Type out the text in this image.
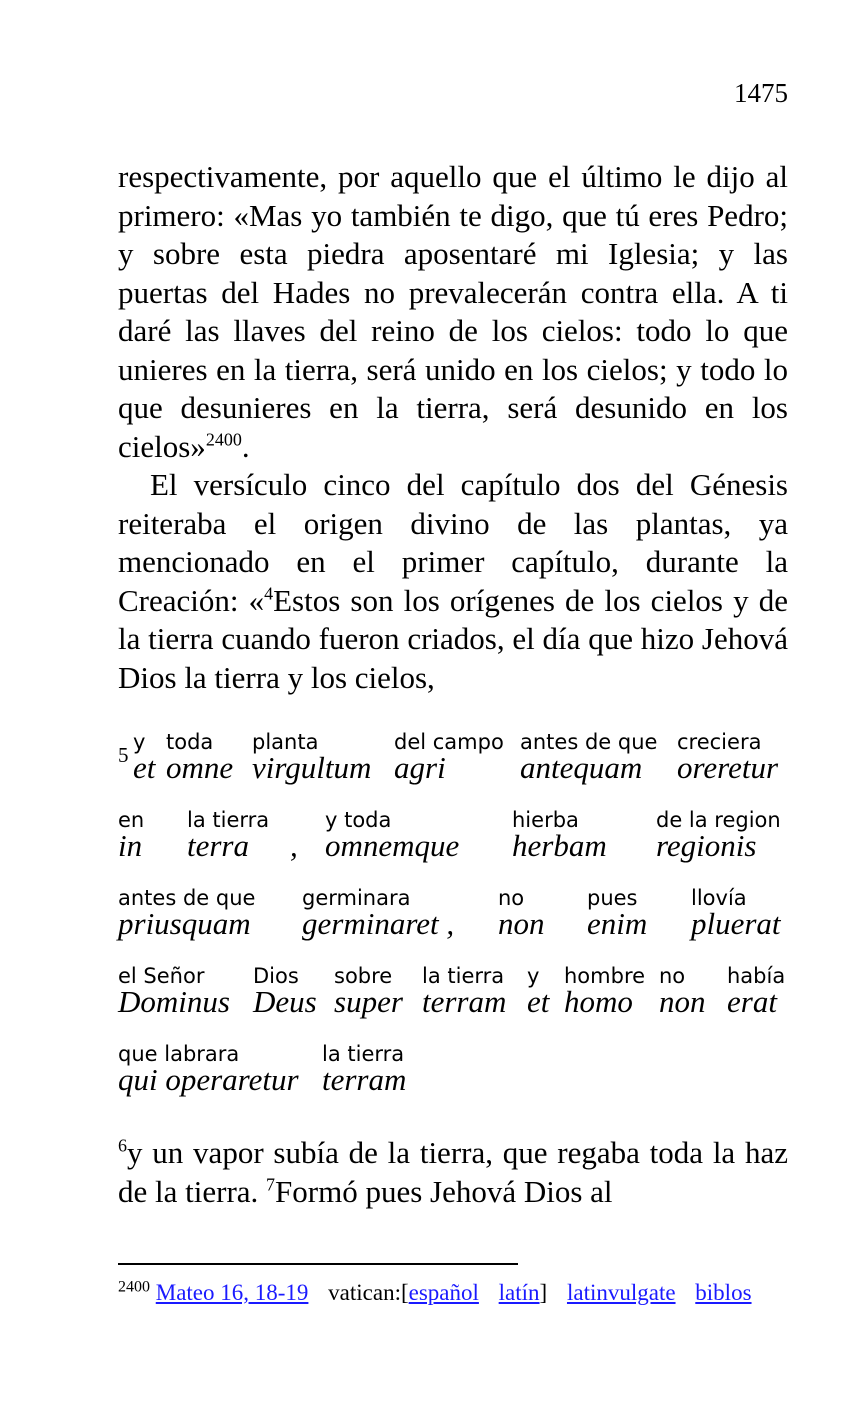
1475

respectivamente, por aquello que el último le dijo al primero: «Mas yo también te digo, que tú eres Pedro; y sobre esta piedra aposentaré mi Iglesia; y las puertas del Hades no prevalecerán contra ella. A ti daré las llaves del reino de los cielos: todo lo que unieres en la tierra, será unido en los cielos; y todo lo que desunieres en la tierra, será desunido en los cielos»$^{2400}$.

El versículo cinco del capítulo dos del Génesis reiteraba el origen divino de las plantas, ya mencionado en el primer capítulo, durante la Creación: «$^4$Estos son los orígenes de los cielos y de la tierra cuando fueron criados, el día que hizo Jehová Dios la tierra y los cielos,

5
y
et
toda
omne
planta
virgultum
del campo
agri
antes de que
antequam
creciera
oreretur
en
in
la tierra
terra	,
y toda
omnemque
hierba
herbam
de la region
regionis
antes de que
priusquam
germinara
germinaret ,
no
non
pues
enim
llovía
pluerat
el Señor
Dominus
Dios
Deus
sobre
super
la tierra
terram
y
et
hombre
homo
no
non
había
erat
que labrara
qui operaretur
la tierra
terram

$^6$y un vapor subía de la tierra, que regaba toda la haz de la tierra. $^7$Formó pues Jehová Dios al

$^{2400}$ Mateo 16, 18-19 vatican:[español latín] latinvulgate biblos
